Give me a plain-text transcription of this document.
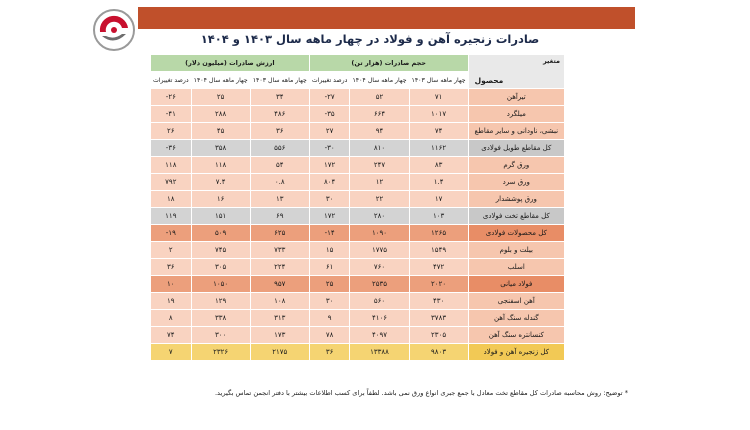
صادرات زنجیره آهن و فولاد در چهار ماهه سال ۱۴۰۳ و ۱۴۰۴
متغیر
محصول	حجم صادرات (هزار تن)			ارزش صادرات (میلیون دلار)		
	چهار ماهه سال ۱۴۰۳	چهار ماهه سال ۱۴۰۴	درصد تغییرات	چهار ماهه سال ۱۴۰۳	چهار ماهه سال ۱۴۰۴	درصد تغییرات
تیرآهن	۷۱	۵۲	۲۷-	۳۴	۲۵	۲۶-
میلگرد	۱۰۱۷	۶۶۴	۳۵-	۴۸۶	۲۸۸	۴۱-
نبشی، ناودانی و سایر مقاطع	۷۴	۹۴	۲۷	۳۶	۴۵	۲۶
کل مقاطع طویل فولادی	۱۱۶۲	۸۱۰	۳۰-	۵۵۶	۳۵۸	۳۶-
ورق گرم	۸۳	۲۴۷	۱۷۲	۵۴	۱۱۸	۱۱۸
ورق سرد	۱.۴	۱۲	۸۰۴	۰.۸	۷.۴	۷۹۲
ورق پوششدار	۱۷	۲۲	۳۰	۱۳	۱۶	۱۸
کل مقاطع تخت فولادی	۱۰۳	۲۸۰	۱۷۲	۶۹	۱۵۱	۱۱۹
کل محصولات فولادی	۱۲۶۵	۱۰۹۰	۱۴-	۶۲۵	۵۰۹	۱۹-
بیلت و بلوم	۱۵۴۹	۱۷۷۵	۱۵	۷۳۳	۷۴۵	۲
اسلب	۴۷۲	۷۶۰	۶۱	۲۲۴	۳۰۵	۳۶
فولاد میانی	۲۰۲۰	۲۵۳۵	۲۵	۹۵۷	۱۰۵۰	۱۰
آهن اسفنجی	۴۳۰	۵۶۰	۳۰	۱۰۸	۱۲۹	۱۹
گندله سنگ آهن	۳۷۸۳	۴۱۰۶	۹	۳۱۳	۳۳۸	۸
کنسانتره سنگ آهن	۲۳۰۵	۴۰۹۷	۷۸	۱۷۳	۳۰۰	۷۴
کل زنجیره آهن و فولاد	۹۸۰۳	۱۳۳۸۸	۳۶	۲۱۷۵	۲۳۲۶	۷
* توضیح: روش محاسبه صادرات کل مقاطع تخت معادل با جمع جبری انواع ورق نمی باشد. لطفاً برای کسب اطلاعات بیشتر با دفتر انجمن تماس بگیرید.
